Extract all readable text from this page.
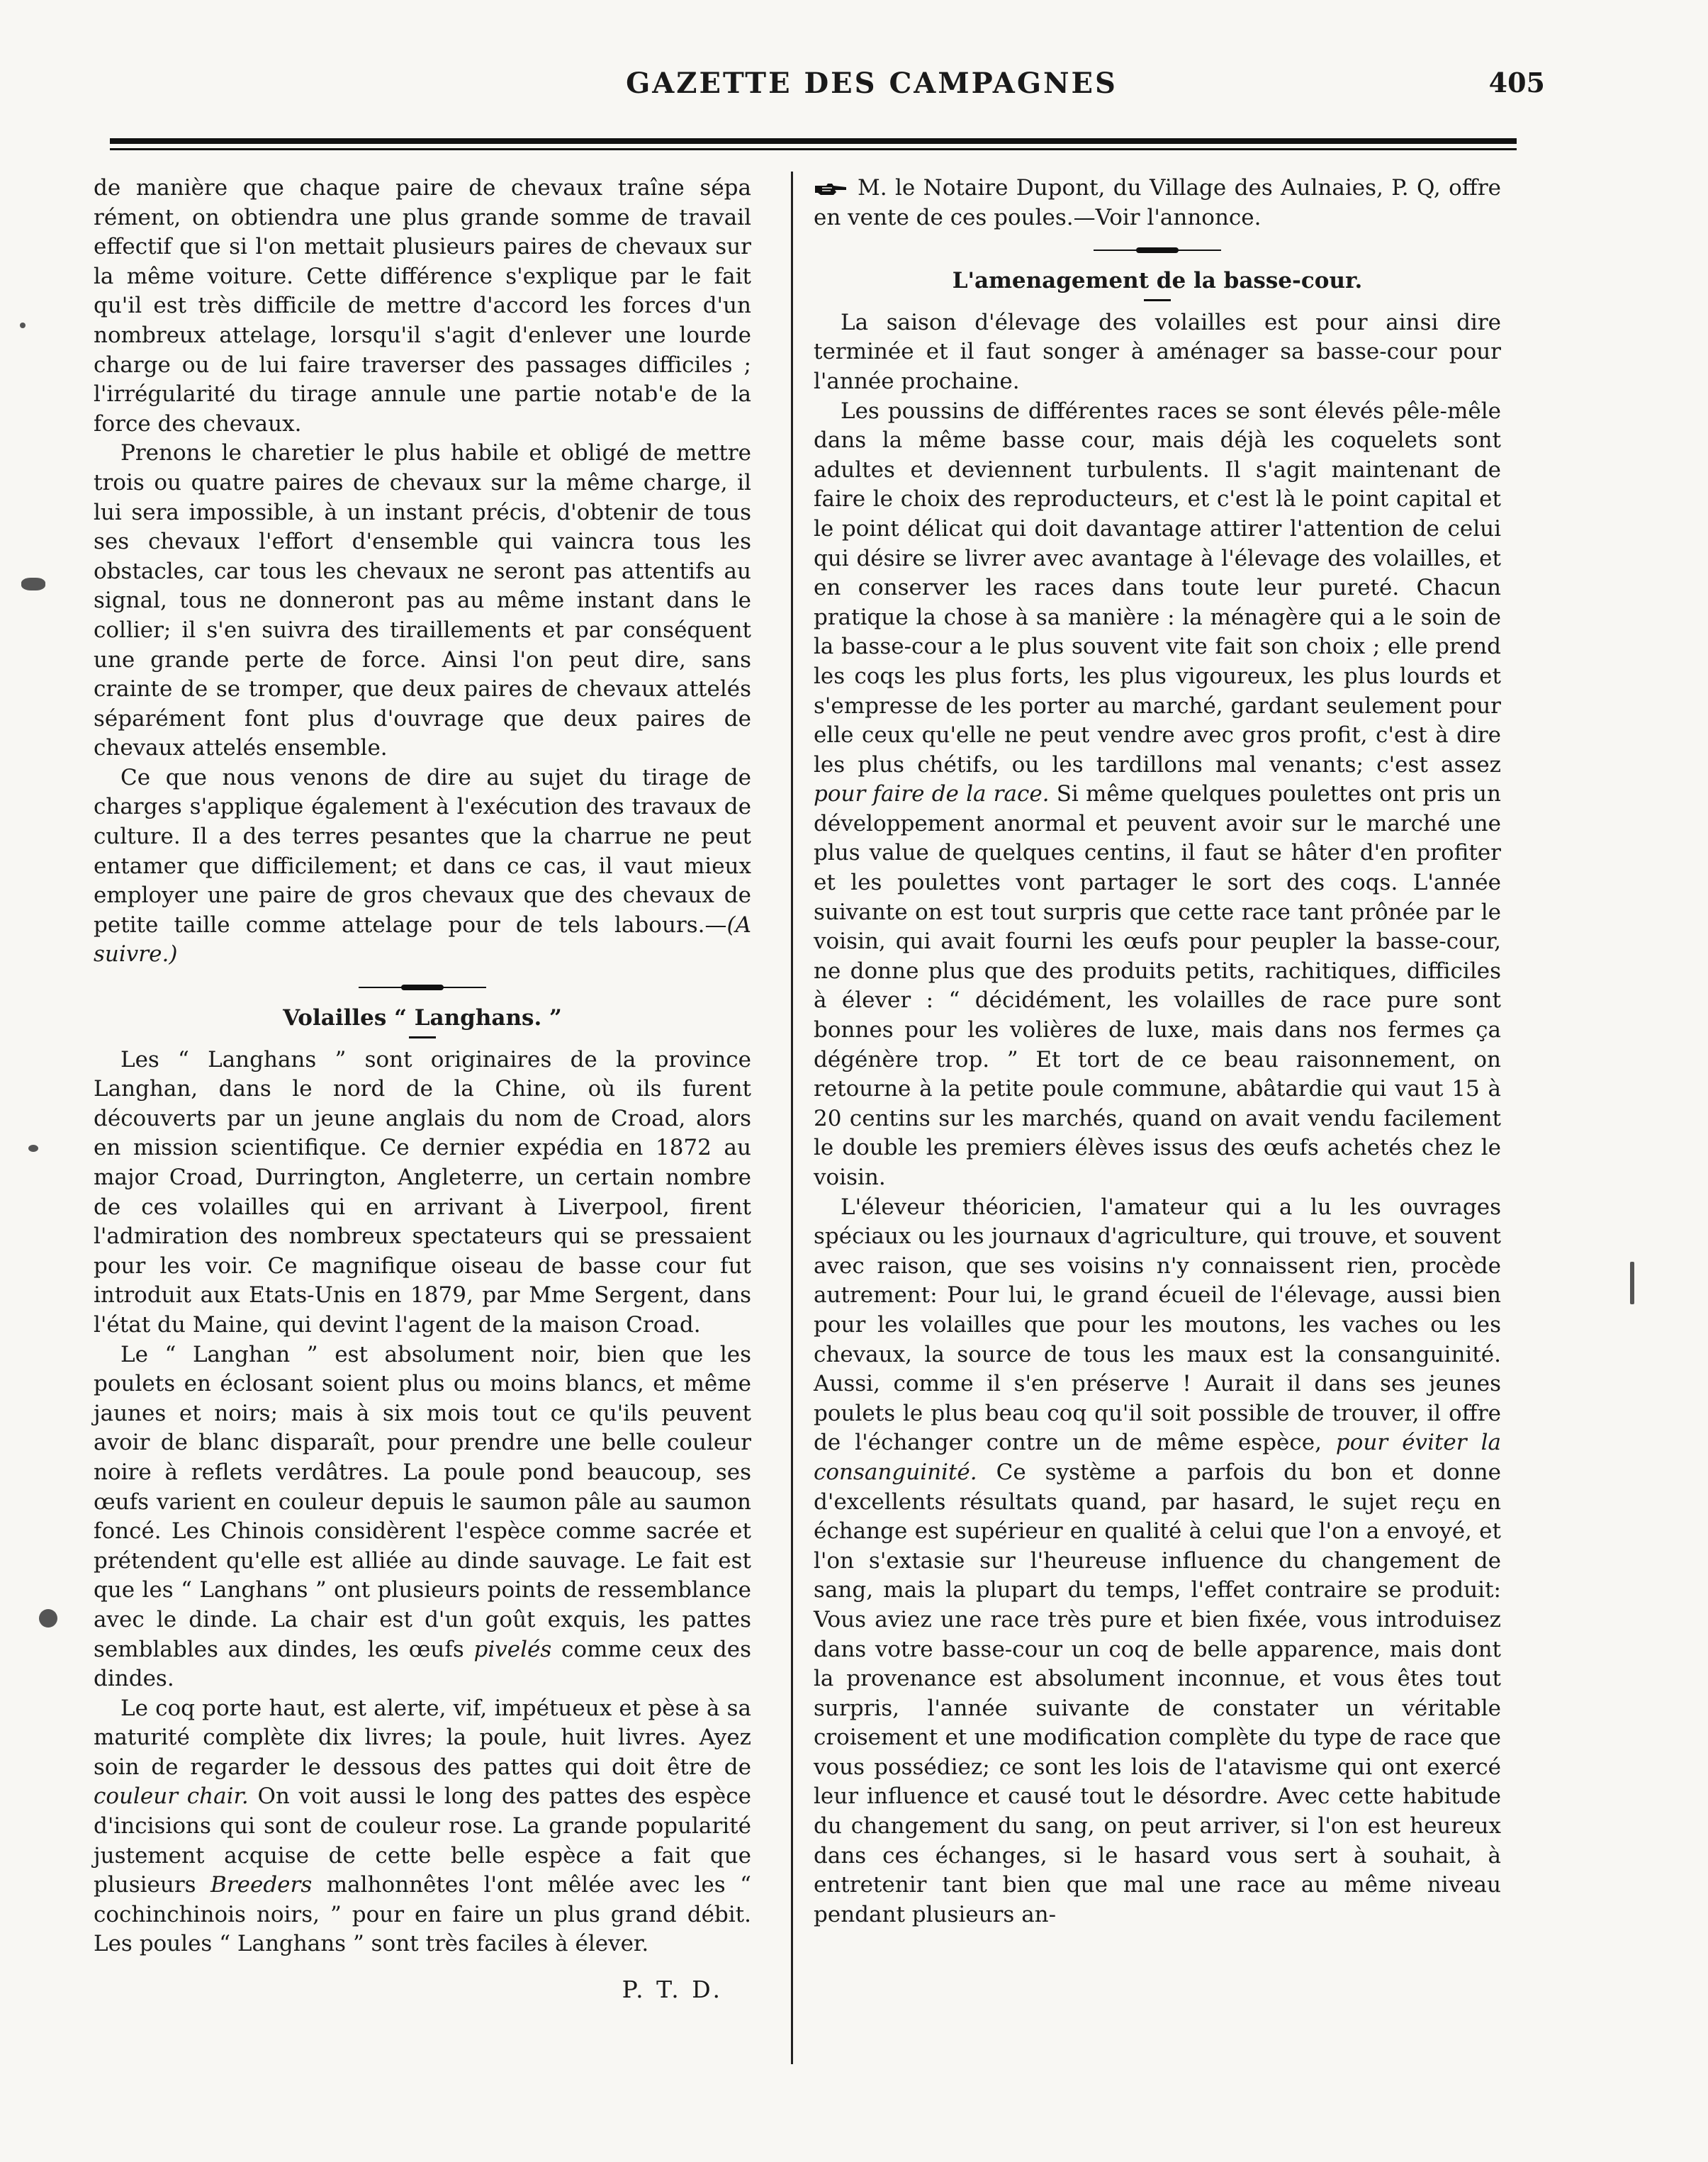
GAZETTE DES CAMPAGNES	405

de manière que chaque paire de chevaux traîne sépa rément, on obtiendra une plus grande somme de travail effectif que si l'on mettait plusieurs paires de chevaux sur la même voiture. Cette différence s'explique par le fait qu'il est très difficile de mettre d'accord les forces d'un nombreux attelage, lorsqu'il s'agit d'enlever une lourde charge ou de lui faire traverser des passages difficiles ; l'irrégularité du tirage annule une partie notab'e de la force des chevaux.

Prenons le charetier le plus habile et obligé de mettre trois ou quatre paires de chevaux sur la même charge, il lui sera impossible, à un instant précis, d'obtenir de tous ses chevaux l'effort d'ensemble qui vaincra tous les obstacles, car tous les chevaux ne seront pas attentifs au signal, tous ne donneront pas au même instant dans le collier; il s'en suivra des tiraillements et par conséquent une grande perte de force. Ainsi l'on peut dire, sans crainte de se tromper, que deux paires de chevaux attelés séparément font plus d'ouvrage que deux paires de chevaux attelés ensemble.

Ce que nous venons de dire au sujet du tirage de charges s'applique également à l'exécution des travaux de culture. Il a des terres pesantes que la charrue ne peut entamer que difficilement; et dans ce cas, il vaut mieux employer une paire de gros chevaux que des chevaux de petite taille comme attelage pour de tels labours.—(A suivre.)

Volailles “ Langhans. ”

Les “ Langhans ” sont originaires de la province Langhan, dans le nord de la Chine, où ils furent découverts par un jeune anglais du nom de Croad, alors en mission scientifique. Ce dernier expédia en 1872 au major Croad, Durrington, Angleterre, un certain nombre de ces volailles qui en arrivant à Liverpool, firent l'admiration des nombreux spectateurs qui se pressaient pour les voir. Ce magnifique oiseau de basse cour fut introduit aux Etats-Unis en 1879, par Mme Sergent, dans l'état du Maine, qui devint l'agent de la maison Croad.

Le “ Langhan ” est absolument noir, bien que les poulets en éclosant soient plus ou moins blancs, et même jaunes et noirs; mais à six mois tout ce qu'ils peuvent avoir de blanc disparaît, pour prendre une belle couleur noire à reflets verdâtres. La poule pond beaucoup, ses œufs varient en couleur depuis le saumon pâle au saumon foncé. Les Chinois considèrent l'espèce comme sacrée et prétendent qu'elle est alliée au dinde sauvage. Le fait est que les “ Langhans ” ont plusieurs points de ressemblance avec le dinde. La chair est d'un goût exquis, les pattes semblables aux dindes, les œufs pivelés comme ceux des dindes.

Le coq porte haut, est alerte, vif, impétueux et pèse à sa maturité complète dix livres; la poule, huit livres. Ayez soin de regarder le dessous des pattes qui doit être de couleur chair. On voit aussi le long des pattes des espèce d'incisions qui sont de couleur rose. La grande popularité justement acquise de cette belle espèce a fait que plusieurs Breeders malhonnêtes l'ont mêlée avec les “ cochinchinois noirs, ” pour en faire un plus grand débit. Les poules “ Langhans ” sont très faciles à élever.

P. T. D.

M. le Notaire Dupont, du Village des Aulnaies, P. Q, offre en vente de ces poules.—Voir l'annonce.

L'amenagement de la basse-cour.

La saison d'élevage des volailles est pour ainsi dire terminée et il faut songer à aménager sa basse-cour pour l'année prochaine.

Les poussins de différentes races se sont élevés pêle-mêle dans la même basse cour, mais déjà les coquelets sont adultes et deviennent turbulents. Il s'agit maintenant de faire le choix des reproducteurs, et c'est là le point capital et le point délicat qui doit davantage attirer l'attention de celui qui désire se livrer avec avantage à l'élevage des volailles, et en conserver les races dans toute leur pureté. Chacun pratique la chose à sa manière : la ménagère qui a le soin de la basse-cour a le plus souvent vite fait son choix ; elle prend les coqs les plus forts, les plus vigoureux, les plus lourds et s'empresse de les porter au marché, gardant seulement pour elle ceux qu'elle ne peut vendre avec gros profit, c'est à dire les plus chétifs, ou les tardillons mal venants; c'est assez pour faire de la race. Si même quelques poulettes ont pris un développement anormal et peuvent avoir sur le marché une plus value de quelques centins, il faut se hâter d'en profiter et les poulettes vont partager le sort des coqs. L'année suivante on est tout surpris que cette race tant prônée par le voisin, qui avait fourni les œufs pour peupler la basse-cour, ne donne plus que des produits petits, rachitiques, difficiles à élever : “ décidément, les volailles de race pure sont bonnes pour les volières de luxe, mais dans nos fermes ça dégénère trop. ” Et tort de ce beau raisonnement, on retourne à la petite poule commune, abâtardie qui vaut 15 à 20 centins sur les marchés, quand on avait vendu facilement le double les premiers élèves issus des œufs achetés chez le voisin.

L'éleveur théoricien, l'amateur qui a lu les ouvrages spéciaux ou les journaux d'agriculture, qui trouve, et souvent avec raison, que ses voisins n'y connaissent rien, procède autrement: Pour lui, le grand écueil de l'élevage, aussi bien pour les volailles que pour les moutons, les vaches ou les chevaux, la source de tous les maux est la consanguinité. Aussi, comme il s'en préserve ! Aurait il dans ses jeunes poulets le plus beau coq qu'il soit possible de trouver, il offre de l'échanger contre un de même espèce, pour éviter la consanguinité. Ce système a parfois du bon et donne d'excellents résultats quand, par hasard, le sujet reçu en échange est supérieur en qualité à celui que l'on a envoyé, et l'on s'extasie sur l'heureuse influence du changement de sang, mais la plupart du temps, l'effet contraire se produit: Vous aviez une race très pure et bien fixée, vous introduisez dans votre basse-cour un coq de belle apparence, mais dont la provenance est absolument inconnue, et vous êtes tout surpris, l'année suivante de constater un véritable croisement et une modification complète du type de race que vous possédiez; ce sont les lois de l'atavisme qui ont exercé leur influence et causé tout le désordre. Avec cette habitude du changement du sang, on peut arriver, si l'on est heureux dans ces échanges, si le hasard vous sert à souhait, à entretenir tant bien que mal une race au même niveau pendant plusieurs an-
